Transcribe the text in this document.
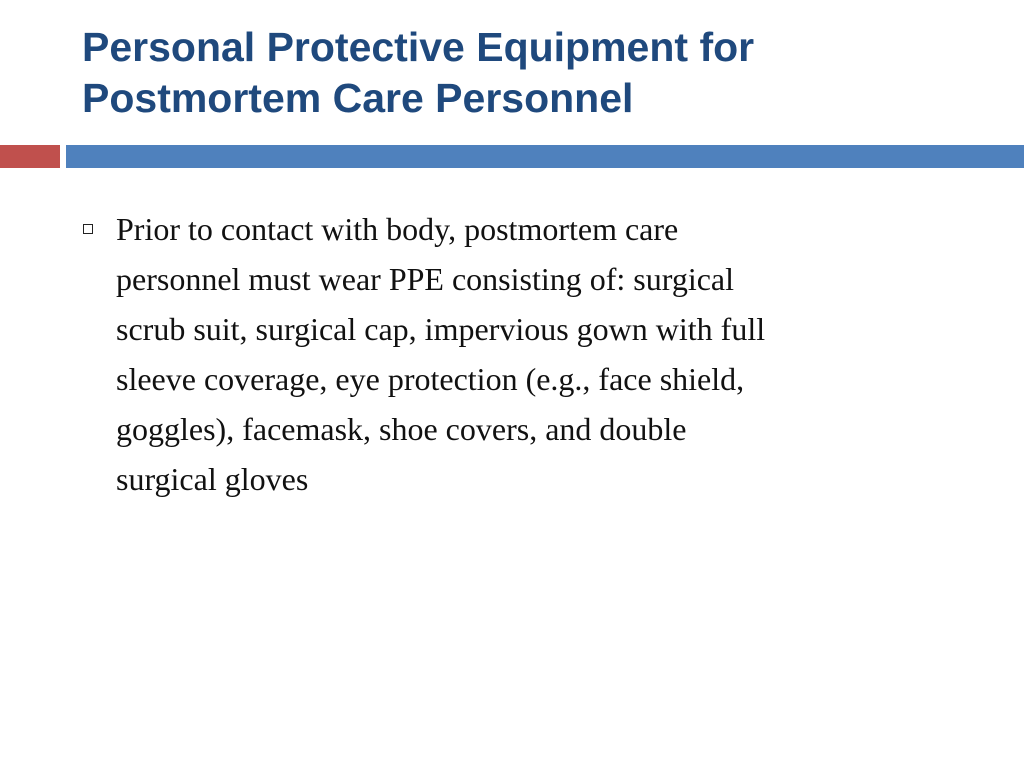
Personal Protective Equipment for
Postmortem Care Personnel
Prior to contact with body, postmortem care
personnel must wear PPE consisting of: surgical
scrub suit, surgical cap, impervious gown with full
sleeve coverage, eye protection (e.g., face shield,
goggles), facemask, shoe covers, and double
surgical gloves
